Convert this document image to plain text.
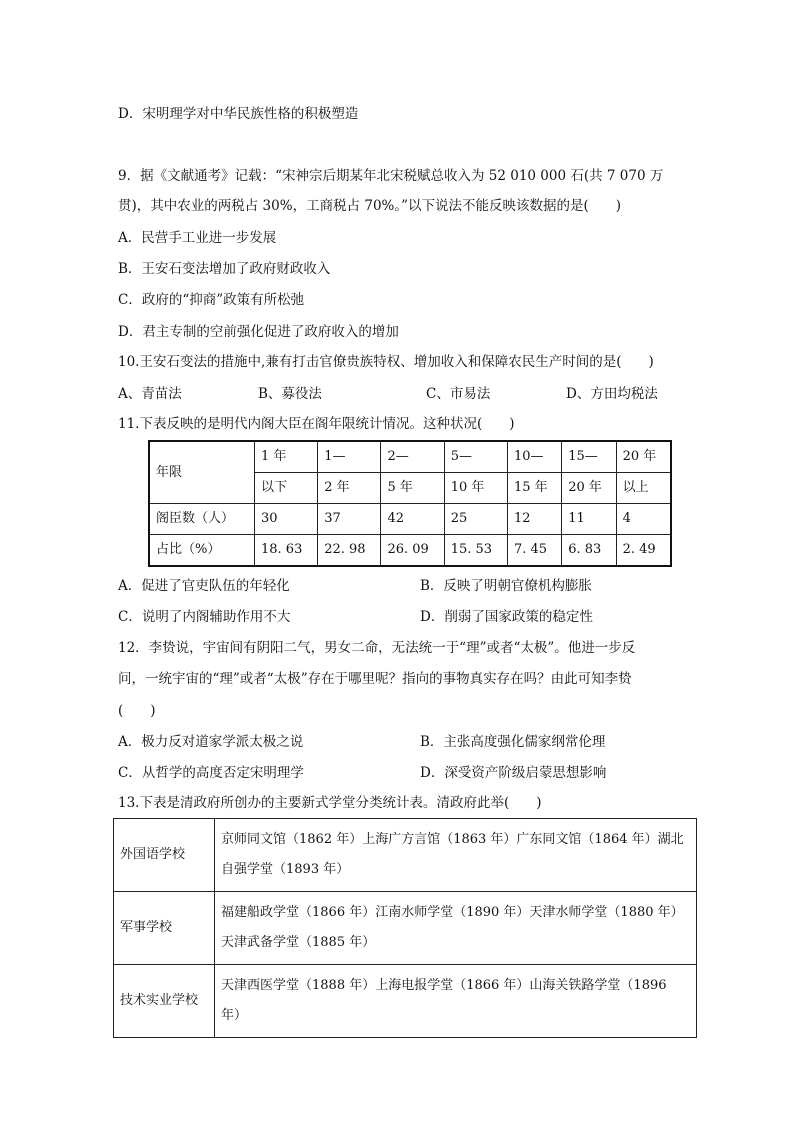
D．宋明理学对中华民族性格的积极塑造
9．据《文献通考》记载：“宋神宗后期某年北宋税赋总收入为 52 010 000 石(共 7 070 万
贯)，其中农业的两税占 30%，工商税占 70%。”以下说法不能反映该数据的是(　　)
A．民营手工业进一步发展
B．王安石变法增加了政府财政收入
C．政府的“抑商”政策有所松弛
D．君主专制的空前强化促进了政府收入的增加
10.王安石变法的措施中,兼有打击官僚贵族特权、增加收入和保障农民生产时间的是(　　)
A、青苗法	B、募役法	C、市易法	D、方田均税法
11.下表反映的是明代内阁大臣在阁年限统计情况。这种状况(　　)
年限	1 年	1—	2—	5—	10—	15—	20 年
	以下	2 年	5 年	10 年	15 年	20 年	以上
阁臣数（人）	30	37	42	25	12	11	4
占比（%）	18. 63	22. 98	26. 09	15. 53	7. 45	6. 83	2. 49
A．促进了官吏队伍的年轻化	B．反映了明朝官僚机构膨胀
C．说明了内阁辅助作用不大	D．削弱了国家政策的稳定性
12．李贽说，宇宙间有阴阳二气，男女二命，无法统一于“理”或者“太极”。他进一步反
问，一统宇宙的“理”或者“太极”存在于哪里呢？指向的事物真实存在吗？由此可知李贽
(　　)
A．极力反对道家学派太极之说	B．主张高度强化儒家纲常伦理
C．从哲学的高度否定宋明理学	D．深受资产阶级启蒙思想影响
13.下表是清政府所创办的主要新式学堂分类统计表。清政府此举(　　)
外国语学校	京师同文馆（1862 年）上海广方言馆（1863 年）广东同文馆（1864 年）湖北自强学堂（1893 年）
军事学校	福建船政学堂（1866 年）江南水师学堂（1890 年）天津水师学堂（1880 年）天津武备学堂（1885 年）
技术实业学校	天津西医学堂（1888 年）上海电报学堂（1866 年）山海关铁路学堂（1896 年）
